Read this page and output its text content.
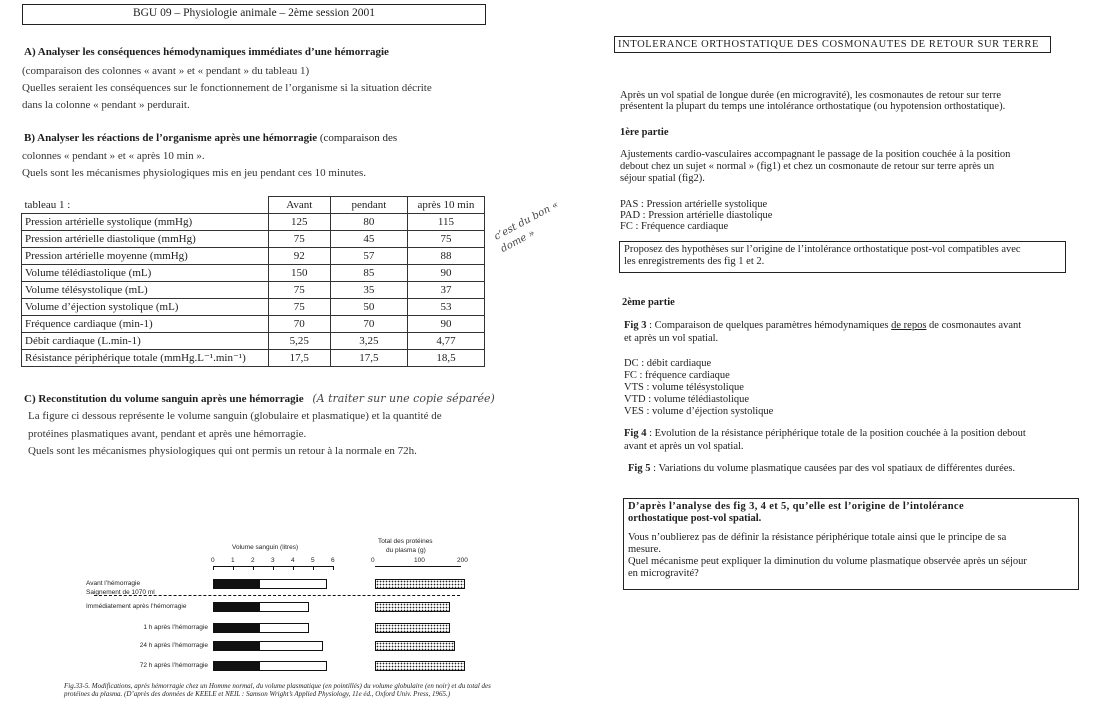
BGU 09 – Physiologie animale – 2ème session 2001
A) Analyser les conséquences hémodynamiques immédiates d’une hémorragie
(comparaison des colonnes « avant » et « pendant » du tableau 1)
Quelles seraient les conséquences sur le fonctionnement de l’organisme si la situation décrite
dans la colonne « pendant » perdurait.
B) Analyser les réactions de l’organisme après une hémorragie (comparaison des
colonnes « pendant » et « après 10 min ».
Quels sont les mécanismes physiologiques mis en jeu pendant ces 10 minutes.
tableau 1 :	Avant	pendant	après 10 min
Pression artérielle systolique (mmHg)	125	80	115
Pression artérielle diastolique (mmHg)	75	45	75
Pression artérielle moyenne (mmHg)	92	57	88
Volume télédiastolique (mL)	150	85	90
Volume télésystolique (mL)	75	35	37
Volume d’éjection systolique (mL)	75	50	53
Fréquence cardiaque (min-1)	70	70	90
Débit cardiaque (L.min-1)	5,25	3,25	4,77
Résistance périphérique totale (mmHg.L⁻¹.min⁻¹)	17,5	17,5	18,5
c’est du bon « dome »
C) Reconstitution du volume sanguin après une hémorragie (A traiter sur une copie séparée)
La figure ci dessous représente le volume sanguin (globulaire et plasmatique) et la quantité de
protéines plasmatiques avant, pendant et après une hémorragie.
Quels sont les mécanismes physiologiques qui ont permis un retour à la normale en 72h.
Volume sanguin (litres)
Total des protéines
du plasma (g)
0	1	2	3	4	5	6	0	100	200
Saignement de 1070 ml
Avant l’hémorragie
Immédiatement après l’hémorragie
1 h après l’hémorragie
24 h après l’hémorragie
72 h après l’hémorragie
Fig.33-5. Modifications, après hémorragie chez un Homme normal, du volume plasmatique (en pointillés) du volume globulaire (en noir) et du total des protéines du plasma. (D’après des données de KEELE et NEIL : Samson Wright’s Applied Physiology, 11e éd., Oxford Univ. Press, 1965.)
INTOLERANCE ORTHOSTATIQUE DES COSMONAUTES DE RETOUR SUR TERRE
Après un vol spatial de longue durée (en microgravité), les cosmonautes de retour sur terre
présentent la plupart du temps une intolérance orthostatique (ou hypotension orthostatique).
1ère partie
Ajustements cardio-vasculaires accompagnant le passage de la position couchée à la position
debout chez un sujet « normal » (fig1) et chez un cosmonaute de retour sur terre après un
séjour spatial (fig2).
PAS : Pression artérielle systolique
PAD : Pression artérielle diastolique
FC : Fréquence cardiaque
Proposez des hypothèses sur l’origine de l’intolérance orthostatique post-vol compatibles avec
les enregistrements des fig 1 et 2.
2ème partie
Fig 3 : Comparaison de quelques paramètres hémodynamiques de repos de cosmonautes avant
et après un vol spatial.
DC : débit cardiaque
FC : fréquence cardiaque
VTS : volume télésystolique
VTD : volume télédiastolique
VES : volume d’éjection systolique
Fig 4 : Evolution de la résistance périphérique totale de la position couchée à la position debout
avant et après un vol spatial.
Fig 5 : Variations du volume plasmatique causées par des vol spatiaux de différentes durées.
D’après l’analyse des fig 3, 4 et 5, qu’elle est l’origine de l’intolérance
orthostatique post-vol spatial.
Vous n’oublierez pas de définir la résistance périphérique totale ainsi que le principe de sa
mesure.
Quel mécanisme peut expliquer la diminution du volume plasmatique observée après un séjour
en microgravité?
